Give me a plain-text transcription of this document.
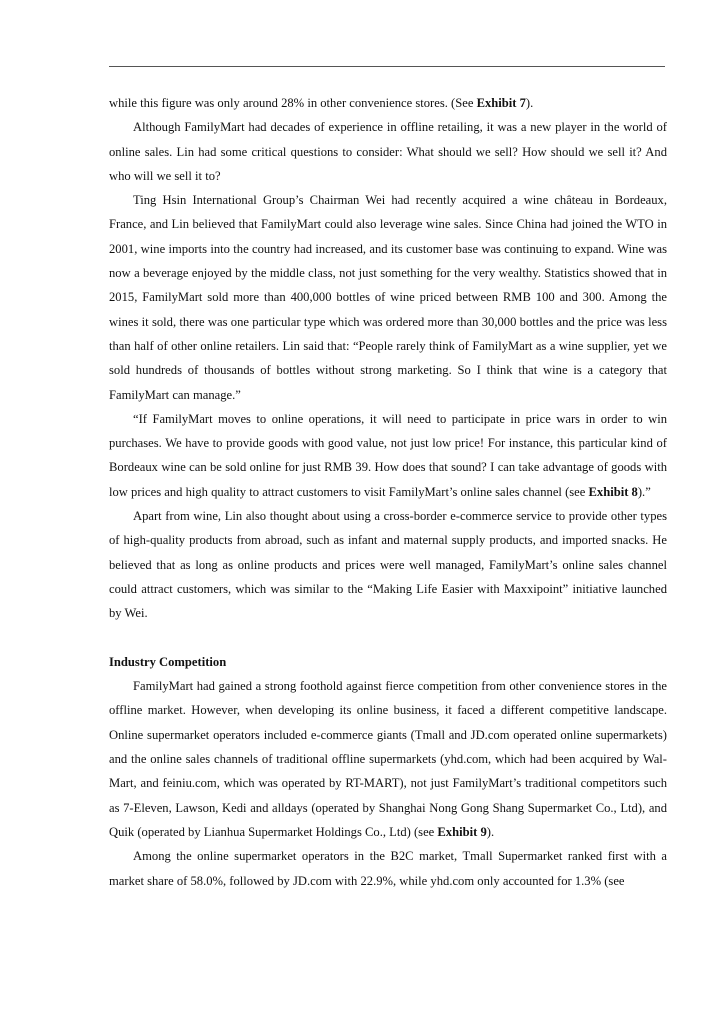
while this figure was only around 28% in other convenience stores. (See Exhibit 7).

Although FamilyMart had decades of experience in offline retailing, it was a new player in the world of online sales. Lin had some critical questions to consider: What should we sell? How should we sell it? And who will we sell it to?

Ting Hsin International Group’s Chairman Wei had recently acquired a wine château in Bordeaux, France, and Lin believed that FamilyMart could also leverage wine sales. Since China had joined the WTO in 2001, wine imports into the country had increased, and its customer base was continuing to expand. Wine was now a beverage enjoyed by the middle class, not just something for the very wealthy. Statistics showed that in 2015, FamilyMart sold more than 400,000 bottles of wine priced between RMB 100 and 300. Among the wines it sold, there was one particular type which was ordered more than 30,000 bottles and the price was less than half of other online retailers. Lin said that: “People rarely think of FamilyMart as a wine supplier, yet we sold hundreds of thousands of bottles without strong marketing. So I think that wine is a category that FamilyMart can manage.”

“If FamilyMart moves to online operations, it will need to participate in price wars in order to win purchases. We have to provide goods with good value, not just low price! For instance, this particular kind of Bordeaux wine can be sold online for just RMB 39. How does that sound? I can take advantage of goods with low prices and high quality to attract customers to visit FamilyMart’s online sales channel (see Exhibit 8).”

Apart from wine, Lin also thought about using a cross-border e-commerce service to provide other types of high-quality products from abroad, such as infant and maternal supply products, and imported snacks. He believed that as long as online products and prices were well managed, FamilyMart’s online sales channel could attract customers, which was similar to the “Making Life Easier with Maxxipoint” initiative launched by Wei.

Industry Competition

FamilyMart had gained a strong foothold against fierce competition from other convenience stores in the offline market. However, when developing its online business, it faced a different competitive landscape. Online supermarket operators included e-commerce giants (Tmall and JD.com operated online supermarkets) and the online sales channels of traditional offline supermarkets (yhd.com, which had been acquired by Wal-Mart, and feiniu.com, which was operated by RT-MART), not just FamilyMart’s traditional competitors such as 7-Eleven, Lawson, Kedi and alldays (operated by Shanghai Nong Gong Shang Supermarket Co., Ltd), and Quik (operated by Lianhua Supermarket Holdings Co., Ltd) (see Exhibit 9).

Among the online supermarket operators in the B2C market, Tmall Supermarket ranked first with a market share of 58.0%, followed by JD.com with 22.9%, while yhd.com only accounted for 1.3% (see
